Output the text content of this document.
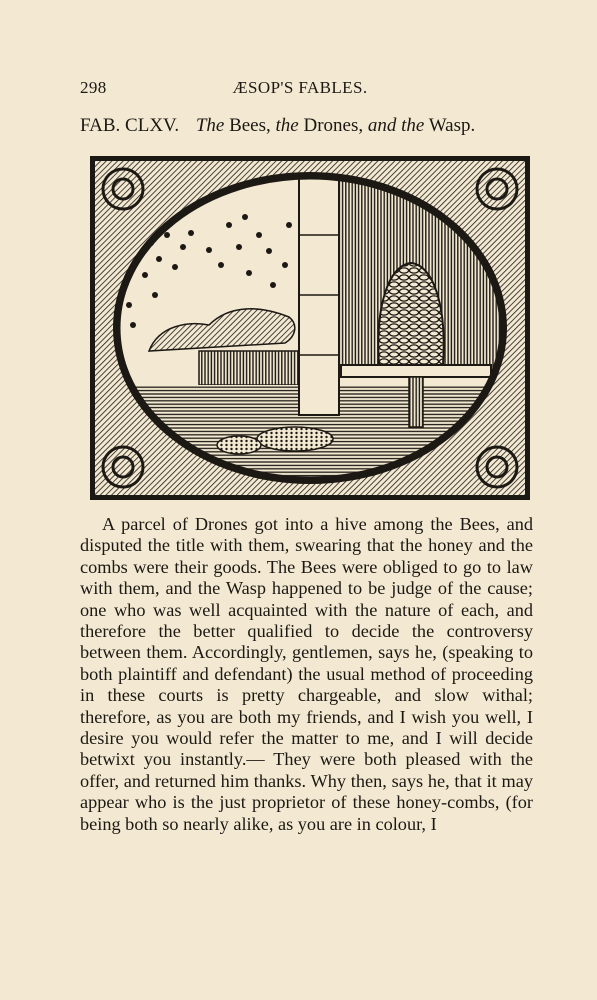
298	ÆSOP'S FABLES.
FAB. CLXV. The Bees, the Drones, and the Wasp.

A parcel of Drones got into a hive among the Bees, and disputed the title with them, swearing that the honey and the combs were their goods. The Bees were obliged to go to law with them, and the Wasp happened to be judge of the cause; one who was well acquainted with the nature of each, and therefore the better qualified to decide the controversy between them. Accordingly, gentlemen, says he, (speaking to both plaintiff and defendant) the usual method of proceeding in these courts is pretty chargeable, and slow withal; therefore, as you are both my friends, and I wish you well, I desire you would refer the matter to me, and I will decide betwixt you instantly.— They were both pleased with the offer, and returned him thanks. Why then, says he, that it may appear who is the just proprietor of these honey-combs, (for being both so nearly alike, as you are in colour, I
